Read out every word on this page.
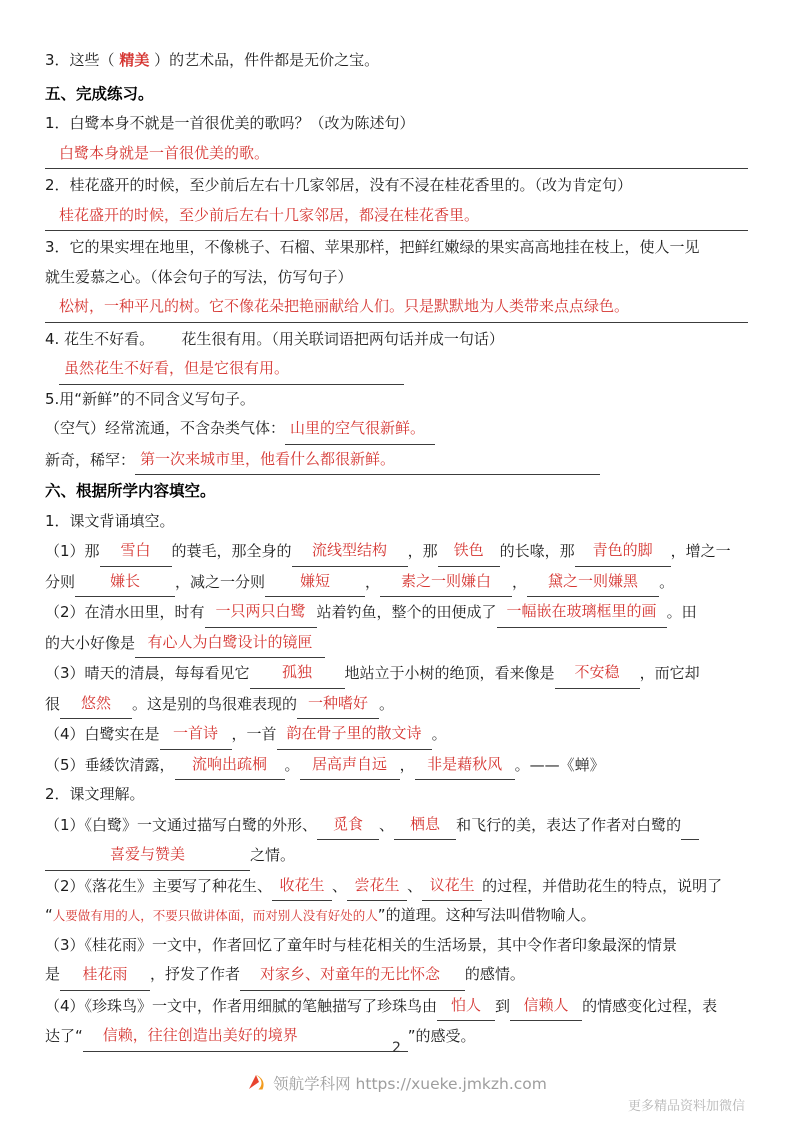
3．这些（ 精美 ）的艺术品，件件都是无价之宝。
五、完成练习。
1．白鹭本身不就是一首很优美的歌吗？（改为陈述句）
白鹭本身就是一首很优美的歌。
2．桂花盛开的时候，至少前后左右十几家邻居，没有不浸在桂花香里的。（改为肯定句）
桂花盛开的时候，至少前后左右十几家邻居，都浸在桂花香里。
3．它的果实埋在地里，不像桃子、石榴、苹果那样，把鲜红嫩绿的果实高高地挂在枝上，使人一见
就生爱慕之心。（体会句子的写法，仿写句子）
松树，一种平凡的树。它不像花朵把艳丽献给人们。只是默默地为人类带来点点绿色。
4. 花生不好看。　　 花生很有用。（用关联词语把两句话并成一句话）
虽然花生不好看，但是它很有用。
5.用“新鲜”的不同含义写句子。
（空气）经常流通，不含杂类气体： 山里的空气很新鲜。

新奇，稀罕： 第一次来城市里，他看什么都很新鲜。
六、根据所学内容填空。
1．课文背诵填空。
（1）那 雪白 的蓑毛，那全身的 流线型结构 ，那 铁色 的长喙，那 青色的脚 ，增之一
分则 嫌长 ，减之一分则 嫌短 ， 素之一则嫌白 ， 黛之一则嫌黑 。
（2）在清水田里，时有 一只两只白鹭 站着钓鱼，整个的田便成了 一幅嵌在玻璃框里的画 。田
的大小好像是 有心人为白鹭设计的镜匣
（3）晴天的清晨，每每看见它 孤独 地站立于小树的绝顶，看来像是 不安稳 ，而它却
很 悠然 。这是别的鸟很难表现的 一种嗜好 。
（4）白鹭实在是 一首诗 ，一首 韵在骨子里的散文诗 。
（5）垂緌饮清露， 流响出疏桐 。 居高声自远 ， 非是藉秋风 。——《蝉》
2．课文理解。
（1）《白鹭》一文通过描写白鹭的外形、 觅食 、 栖息 和飞行的美，表达了作者对白鹭的
喜爱与赞美	之情。
（2）《落花生》主要写了种花生、 收花生 、 尝花生 、 议花生 的过程，并借助花生的特点，说明了
“人要做有用的人，不要只做讲体面，而对别人没有好处的人”的道理。这种写法叫借物喻人。
（3）《桂花雨》一文中，作者回忆了童年时与桂花相关的生活场景，其中令作者印象最深的情景
是	桂花雨	，抒发了作者	对家乡、对童年的无比怀念
	的感情。
（4）《珍珠鸟》一文中，作者用细腻的笔触描写了珍珠鸟由 怕人 到 信赖人 的情感变化过程，表
达了“ 信赖，往往创造出美好的境界	”的感受。
2
领航学科网 https://xueke.jmkzh.com
更多精品资料加微信
